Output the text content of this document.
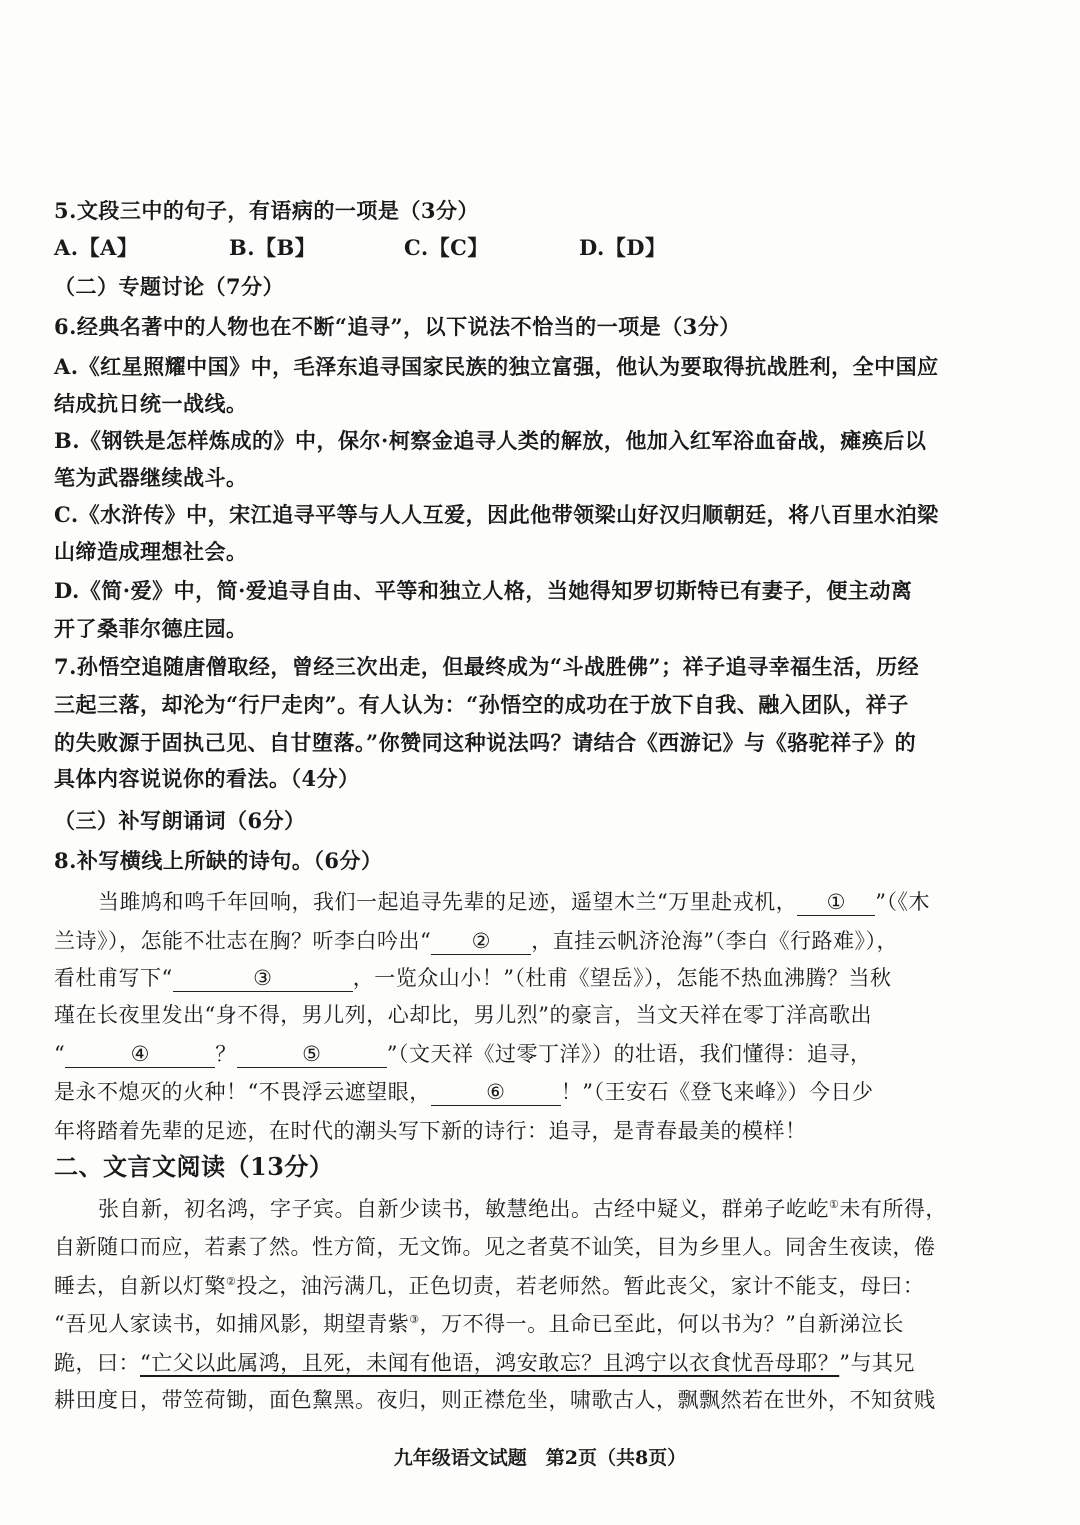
5.文段三中的句子，有语病的一项是（3分）
A.【A】	B.【B】	C.【C】	D.【D】
（二）专题讨论（7分）
6.经典名著中的人物也在不断“追寻”，以下说法不恰当的一项是（3分）
A.《红星照耀中国》中，毛泽东追寻国家民族的独立富强，他认为要取得抗战胜利，全中国应
结成抗日统一战线。
B.《钢铁是怎样炼成的》中，保尔·柯察金追寻人类的解放，他加入红军浴血奋战，瘫痪后以
笔为武器继续战斗。
C.《水浒传》中，宋江追寻平等与人人互爱，因此他带领梁山好汉归顺朝廷，将八百里水泊梁
山缔造成理想社会。
D.《简·爱》中，简·爱追寻自由、平等和独立人格，当她得知罗切斯特已有妻子，便主动离
开了桑菲尔德庄园。
7.孙悟空追随唐僧取经，曾经三次出走，但最终成为“斗战胜佛”；祥子追寻幸福生活，历经
三起三落，却沦为“行尸走肉”。有人认为：“孙悟空的成功在于放下自我、融入团队，祥子
的失败源于固执己见、自甘堕落。”你赞同这种说法吗？请结合《西游记》与《骆驼祥子》的
具体内容说说你的看法。（4分）
（三）补写朗诵词（6分）
8.补写横线上所缺的诗句。（6分）
当雎鸠和鸣千年回响，我们一起追寻先辈的足迹，遥望木兰“万里赴戎机， ① ”（《木
兰诗》），怎能不壮志在胸？听李白吟出“ ② ，直挂云帆济沧海”（李白《行路难》），
看杜甫写下“	③	，一览众山小！”（杜甫《望岳》），怎能不热血沸腾？当秋
瑾在长夜里发出“身不得，男儿列，心却比，男儿烈”的豪言，当文天祥在零丁洋高歌出
“	④	？	⑤	”（文天祥《过零丁洋》）的壮语，我们懂得：追寻，
是永不熄灭的火种！“不畏浮云遮望眼，	⑥	！”（王安石《登飞来峰》）今日少
年将踏着先辈的足迹，在时代的潮头写下新的诗行：追寻，是青春最美的模样！
二、文言文阅读（13分）
张自新，初名鸿，字子宾。自新少读书，敏慧绝出。古经中疑义，群弟子屹屹①未有所得，
自新随口而应，若素了然。性方简，无文饰。见之者莫不讪笑，目为乡里人。同舍生夜读，倦
睡去，自新以灯檠②投之，油污满几，正色切责，若老师然。暂此丧父，家计不能支，母曰：
“吾见人家读书，如捕风影，期望青紫③，万不得一。且命已至此，何以书为？”自新涕泣长
跪，曰：“亡父以此属鸿，且死，未闻有他语，鸿安敢忘？且鸿宁以衣食忧吾母耶？”与其兄
耕田度日，带笠荷锄，面色黧黑。夜归，则正襟危坐，啸歌古人，飘飘然若在世外，不知贫贱
九年级语文试题　第2页（共8页）
